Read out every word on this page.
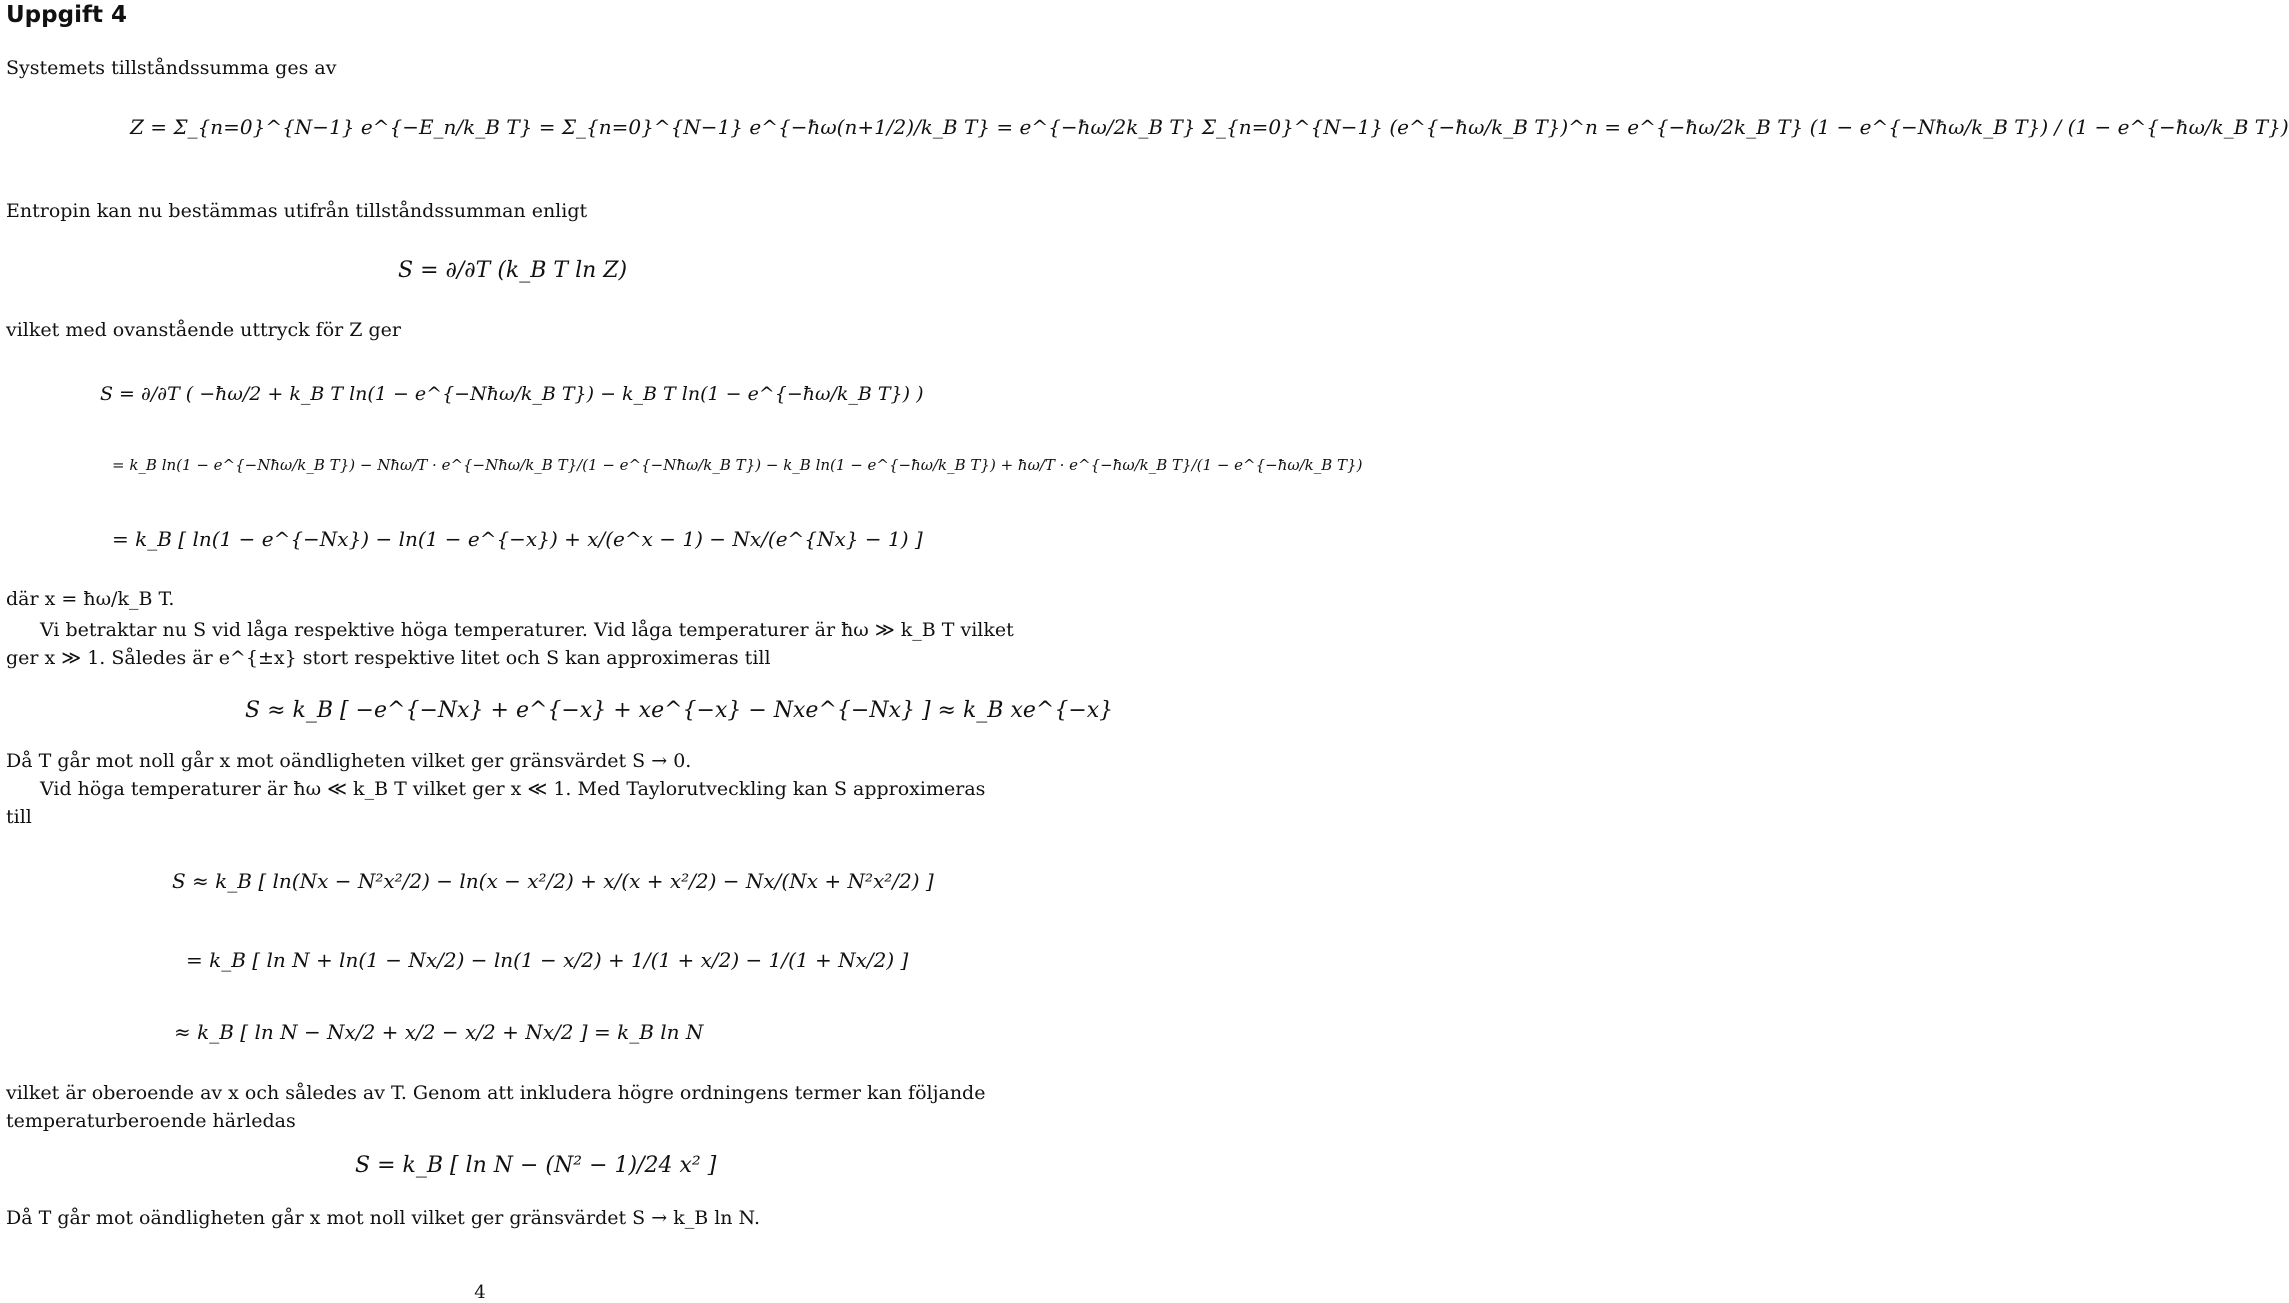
Uppgift 4
Systemets tillståndssumma ges av
Z = Σ_{n=0}^{N−1} e^{−E_n/k_B T} = Σ_{n=0}^{N−1} e^{−ħω(n+1/2)/k_B T} = e^{−ħω/2k_B T} Σ_{n=0}^{N−1} (e^{−ħω/k_B T})^n = e^{−ħω/2k_B T} (1 − e^{−Nħω/k_B T}) / (1 − e^{−ħω/k_B T})
Entropin kan nu bestämmas utifrån tillståndssumman enligt
S = ∂/∂T (k_B T ln Z)
vilket med ovanstående uttryck för Z ger
S = ∂/∂T ( −ħω/2 + k_B T ln(1 − e^{−Nħω/k_B T}) − k_B T ln(1 − e^{−ħω/k_B T}) )
= k_B ln(1 − e^{−Nħω/k_B T}) − Nħω/T · e^{−Nħω/k_B T}/(1 − e^{−Nħω/k_B T}) − k_B ln(1 − e^{−ħω/k_B T}) + ħω/T · e^{−ħω/k_B T}/(1 − e^{−ħω/k_B T})
= k_B [ ln(1 − e^{−Nx}) − ln(1 − e^{−x}) + x/(e^x − 1) − Nx/(e^{Nx} − 1) ]
där x = ħω/k_B T.
Vi betraktar nu S vid låga respektive höga temperaturer. Vid låga temperaturer är ħω ≫ k_B T vilket
ger x ≫ 1. Således är e^{±x} stort respektive litet och S kan approximeras till
S ≈ k_B [ −e^{−Nx} + e^{−x} + xe^{−x} − Nxe^{−Nx} ] ≈ k_B xe^{−x}
Då T går mot noll går x mot oändligheten vilket ger gränsvärdet S → 0.
Vid höga temperaturer är ħω ≪ k_B T vilket ger x ≪ 1. Med Taylorutveckling kan S approximeras
till
S ≈ k_B [ ln(Nx − N²x²/2) − ln(x − x²/2) + x/(x + x²/2) − Nx/(Nx + N²x²/2) ]
= k_B [ ln N + ln(1 − Nx/2) − ln(1 − x/2) + 1/(1 + x/2) − 1/(1 + Nx/2) ]
≈ k_B [ ln N − Nx/2 + x/2 − x/2 + Nx/2 ] = k_B ln N
vilket är oberoende av x och således av T. Genom att inkludera högre ordningens termer kan följande
temperaturberoende härledas
S = k_B [ ln N − (N² − 1)/24 x² ]
Då T går mot oändligheten går x mot noll vilket ger gränsvärdet S → k_B ln N.
4
